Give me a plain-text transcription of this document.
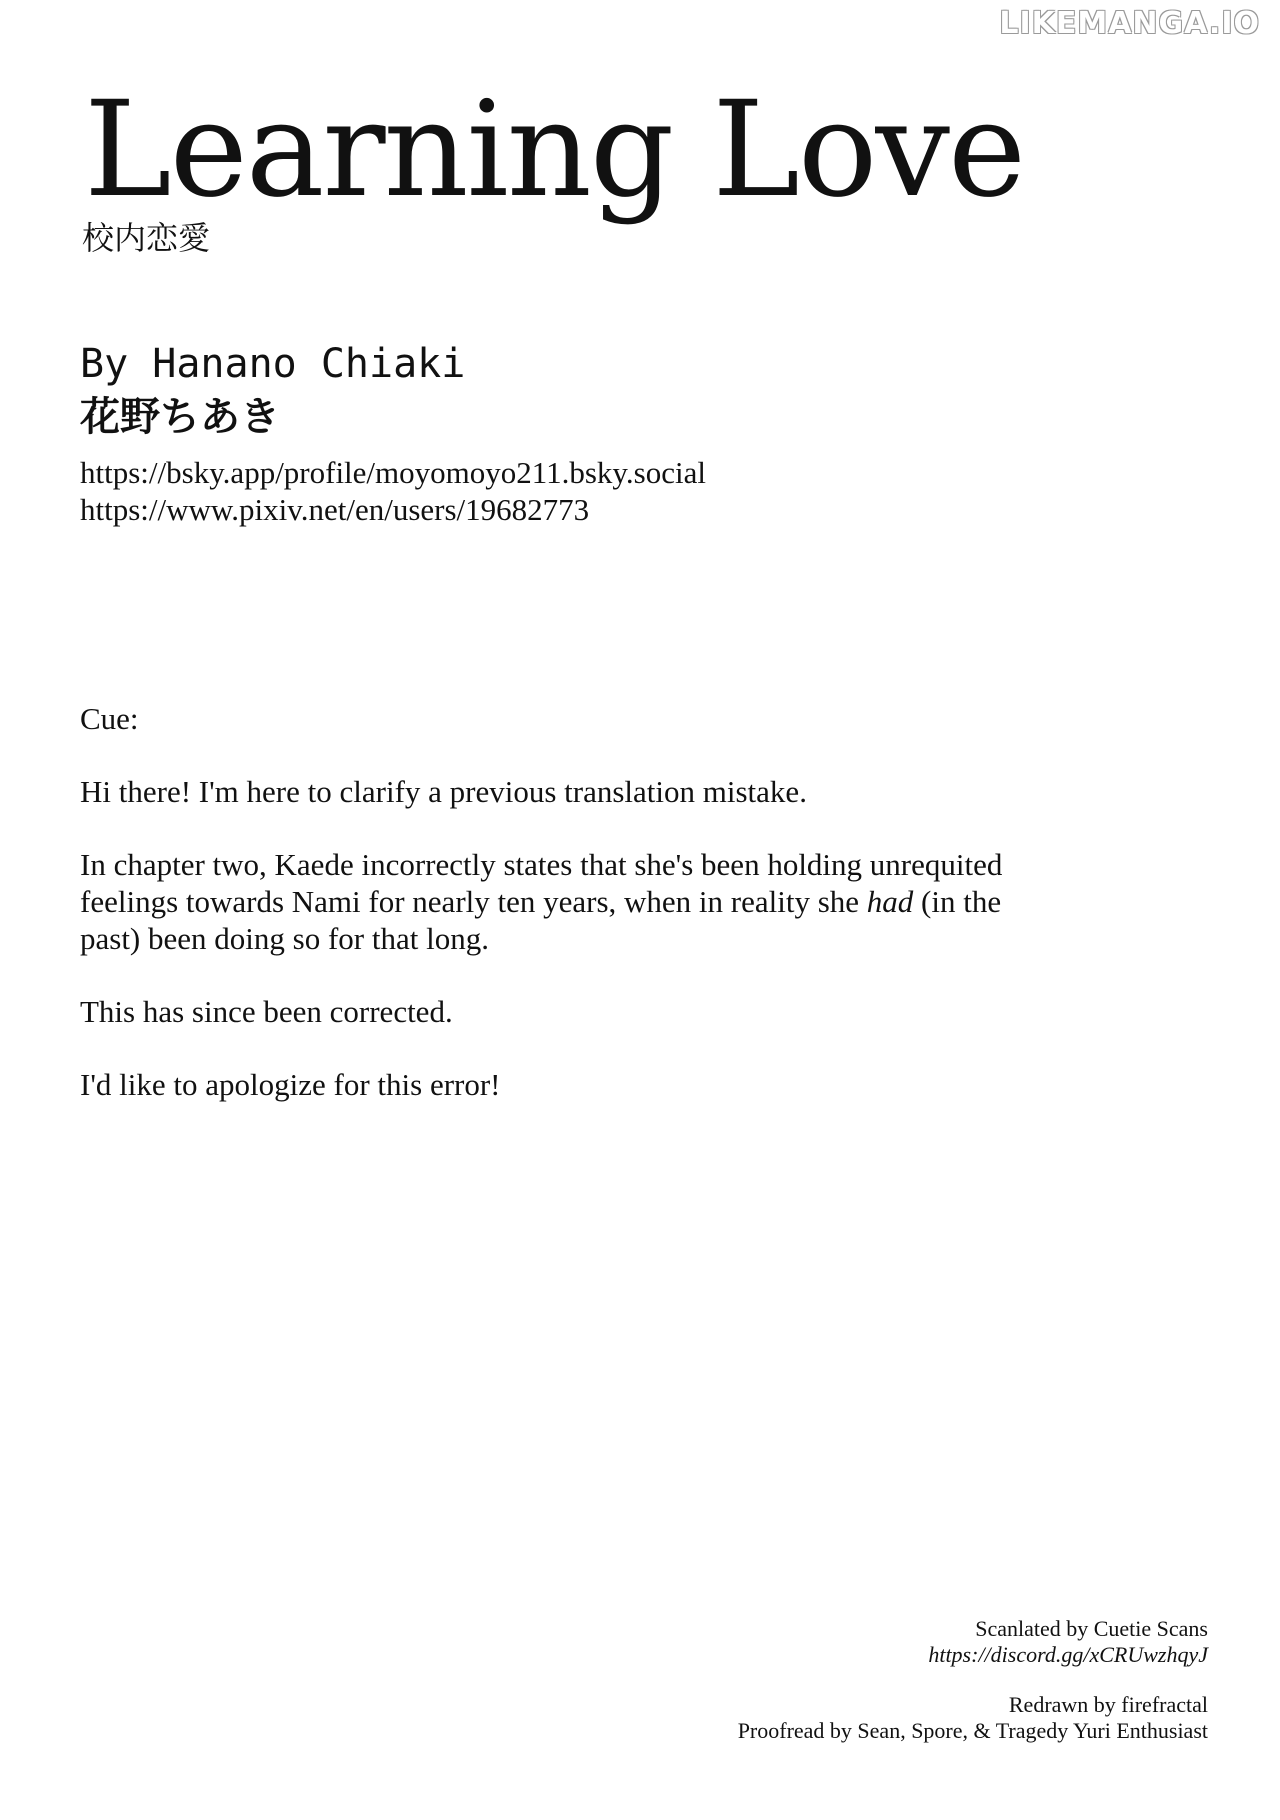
LIKEMANGA.IO
Learning Love
校内恋愛
By Hanano Chiaki
花野ちあき
https://bsky.app/profile/moyomoyo211.bsky.social
https://www.pixiv.net/en/users/19682773

Cue:

Hi there! I'm here to clarify a previous translation mistake.

In chapter two, Kaede incorrectly states that she's been holding unrequited feelings towards Nami for nearly ten years, when in reality she had (in the past) been doing so for that long.

This has since been corrected.

I'd like to apologize for this error!

Scanlated by Cuetie Scans
https://discord.gg/xCRUwzhqyJ
Redrawn by firefractal
Proofread by Sean, Spore, & Tragedy Yuri Enthusiast
